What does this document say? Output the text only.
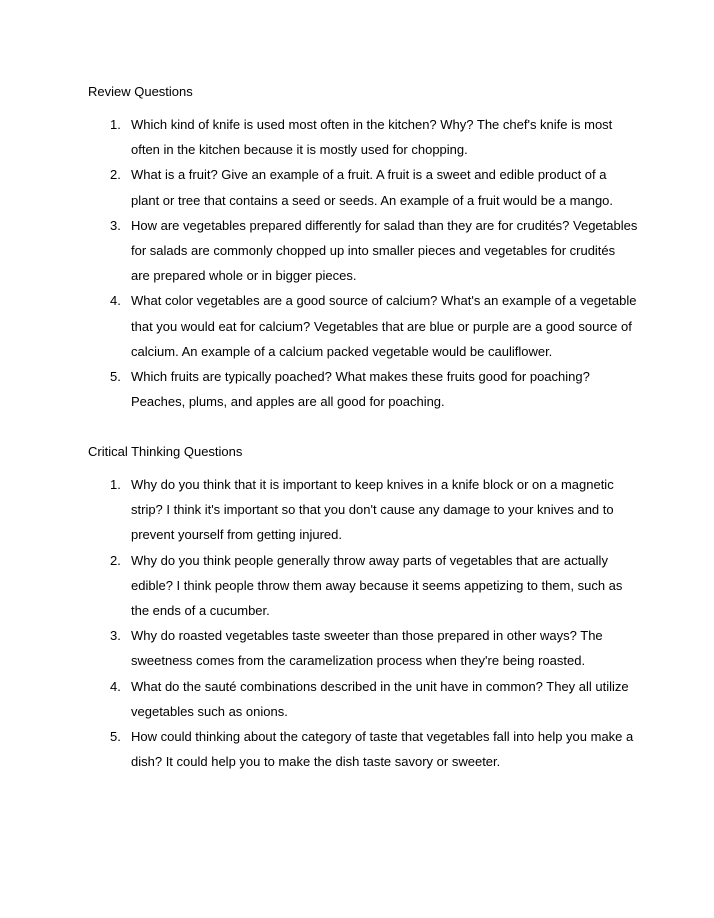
Review Questions
1. Which kind of knife is used most often in the kitchen? Why? The chef's knife is most
often in the kitchen because it is mostly used for chopping.
2. What is a fruit? Give an example of a fruit. A fruit is a sweet and edible product of a
plant or tree that contains a seed or seeds. An example of a fruit would be a mango.
3. How are vegetables prepared differently for salad than they are for crudités? Vegetables
for salads are commonly chopped up into smaller pieces and vegetables for crudités
are prepared whole or in bigger pieces.
4. What color vegetables are a good source of calcium? What's an example of a vegetable
that you would eat for calcium? Vegetables that are blue or purple are a good source of
calcium. An example of a calcium packed vegetable would be cauliflower.
5. Which fruits are typically poached? What makes these fruits good for poaching?
Peaches, plums, and apples are all good for poaching.
Critical Thinking Questions
1. Why do you think that it is important to keep knives in a knife block or on a magnetic
strip? I think it's important so that you don't cause any damage to your knives and to
prevent yourself from getting injured.
2. Why do you think people generally throw away parts of vegetables that are actually
edible? I think people throw them away because it seems appetizing to them, such as
the ends of a cucumber.
3. Why do roasted vegetables taste sweeter than those prepared in other ways? The
sweetness comes from the caramelization process when they're being roasted.
4. What do the sauté combinations described in the unit have in common? They all utilize
vegetables such as onions.
5. How could thinking about the category of taste that vegetables fall into help you make a
dish? It could help you to make the dish taste savory or sweeter.
